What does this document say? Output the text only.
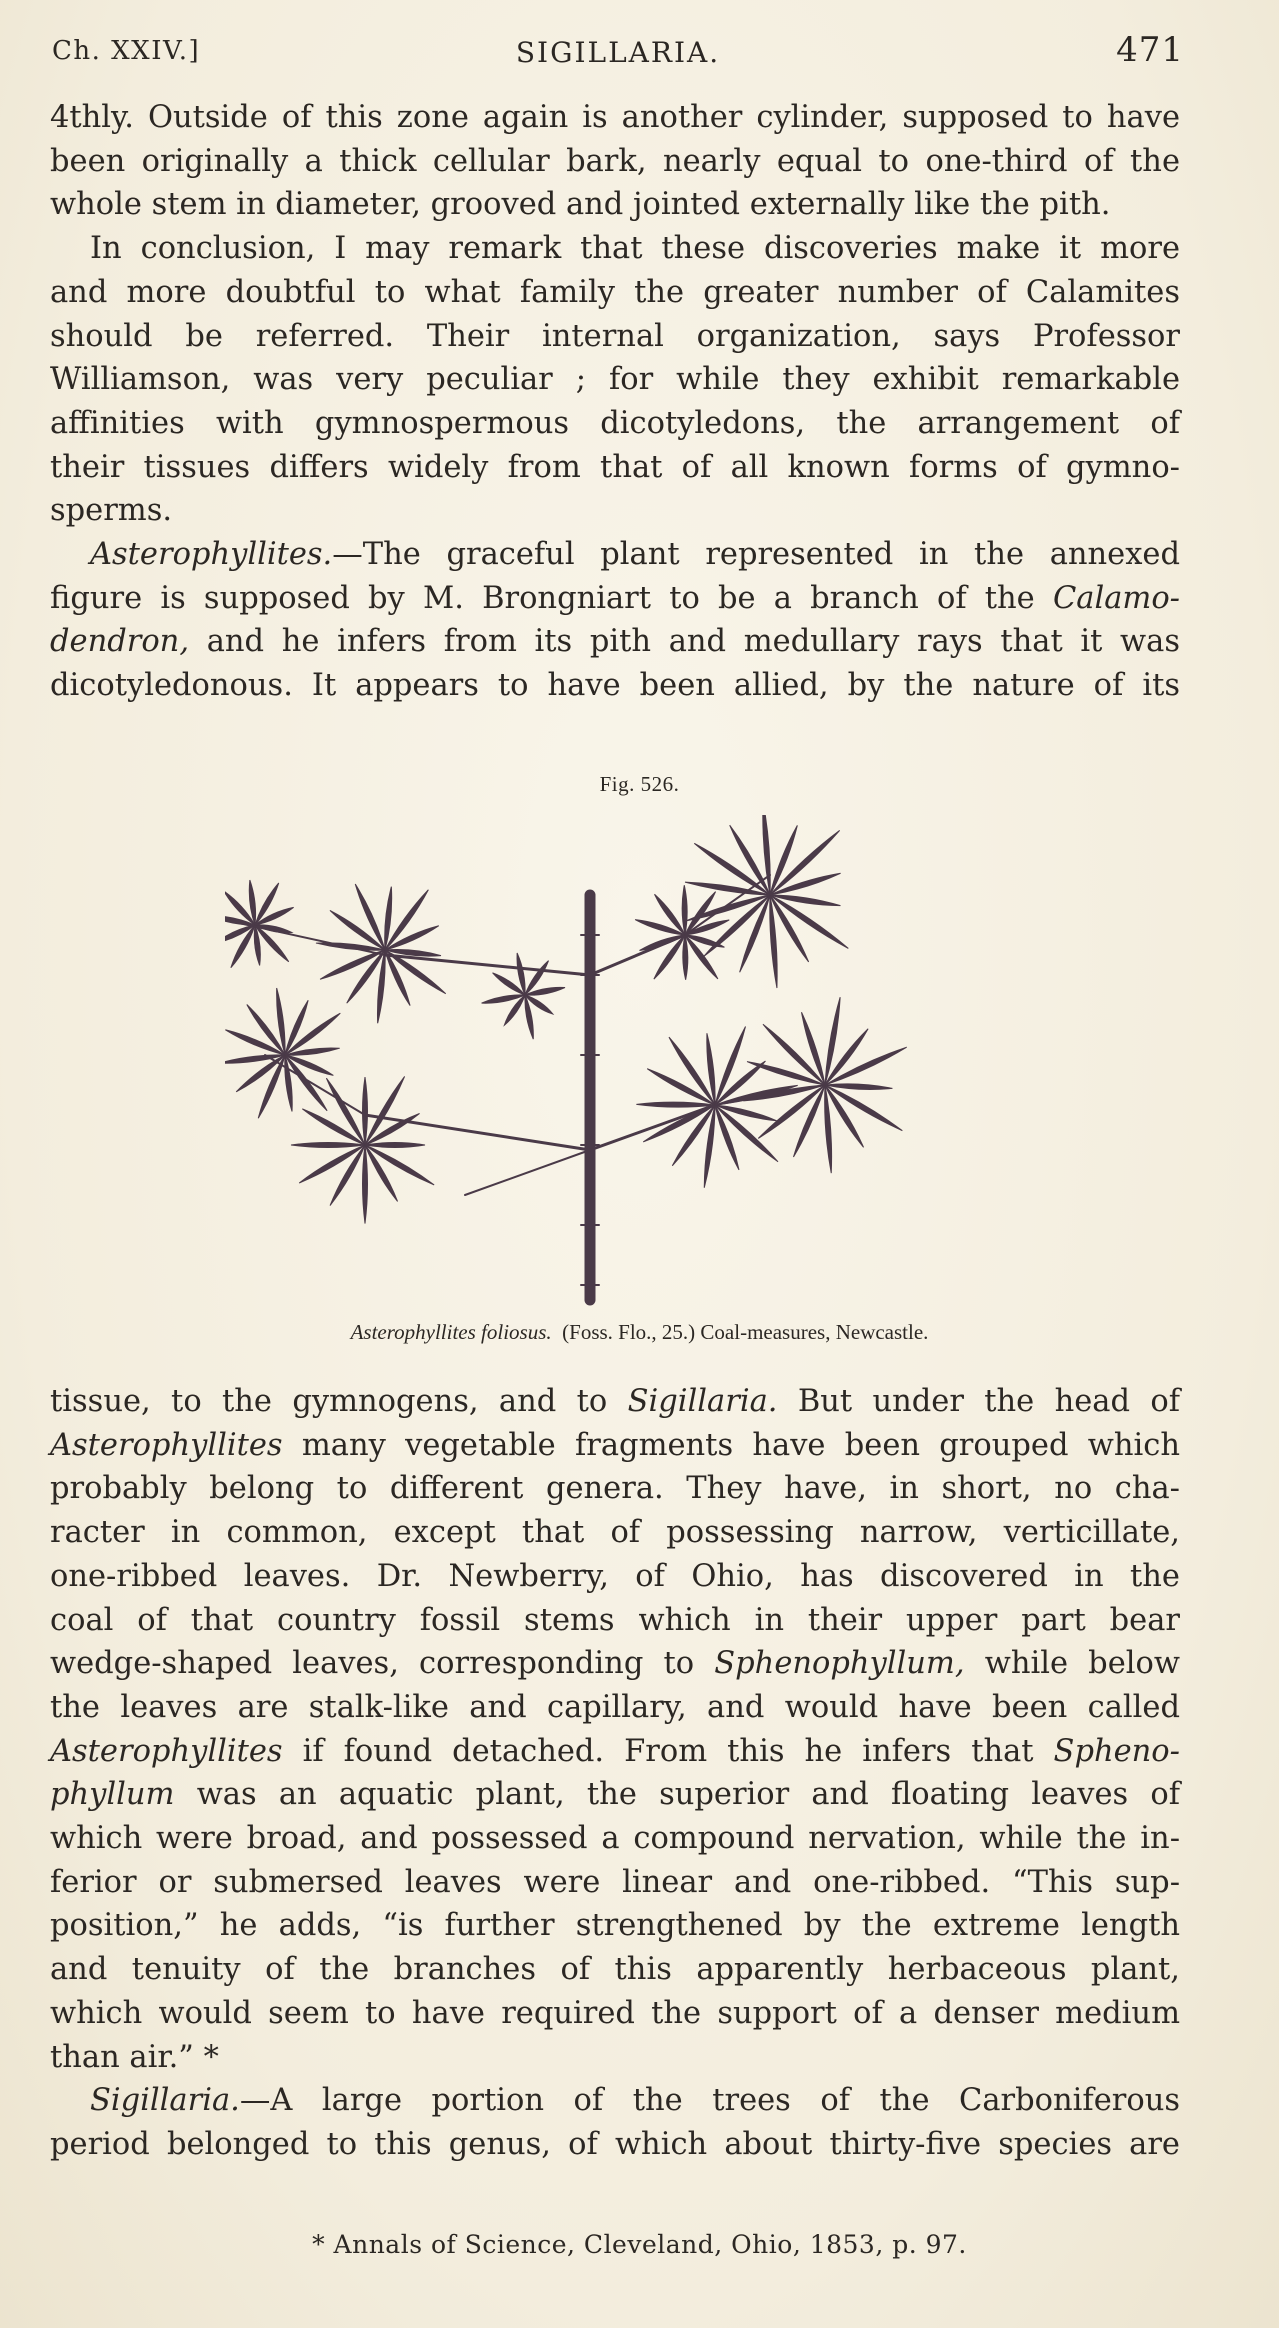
Ch. XXIV.]	SIGILLARIA.	471
4thly. Outside of this zone again is another cylinder, supposed to have
been originally a thick cellular bark, nearly equal to one-third of the
whole stem in diameter, grooved and jointed externally like the pith.
In conclusion, I may remark that these discoveries make it more
and more doubtful to what family the greater number of Calamites
should be referred. Their internal organization, says Professor
Williamson, was very peculiar ; for while they exhibit remarkable
affinities with gymnospermous dicotyledons, the arrangement of
their tissues differs widely from that of all known forms of gymno-
sperms.
Asterophyllites.—The graceful plant represented in the annexed
figure is supposed by M. Brongniart to be a branch of the Calamo-
dendron, and he infers from its pith and medullary rays that it was
dicotyledonous. It appears to have been allied, by the nature of its
Fig. 526.
Asterophyllites foliosus. (Foss. Flo., 25.) Coal-measures, Newcastle.
tissue, to the gymnogens, and to Sigillaria. But under the head of
Asterophyllites many vegetable fragments have been grouped which
probably belong to different genera. They have, in short, no cha-
racter in common, except that of possessing narrow, verticillate,
one-ribbed leaves. Dr. Newberry, of Ohio, has discovered in the
coal of that country fossil stems which in their upper part bear
wedge-shaped leaves, corresponding to Sphenophyllum, while below
the leaves are stalk-like and capillary, and would have been called
Asterophyllites if found detached. From this he infers that Spheno-
phyllum was an aquatic plant, the superior and floating leaves of
which were broad, and possessed a compound nervation, while the in-
ferior or submersed leaves were linear and one-ribbed. “This sup-
position,” he adds, “is further strengthened by the extreme length
and tenuity of the branches of this apparently herbaceous plant,
which would seem to have required the support of a denser medium
than air.” *
Sigillaria.—A large portion of the trees of the Carboniferous
period belonged to this genus, of which about thirty-five species are
* Annals of Science, Cleveland, Ohio, 1853, p. 97.
